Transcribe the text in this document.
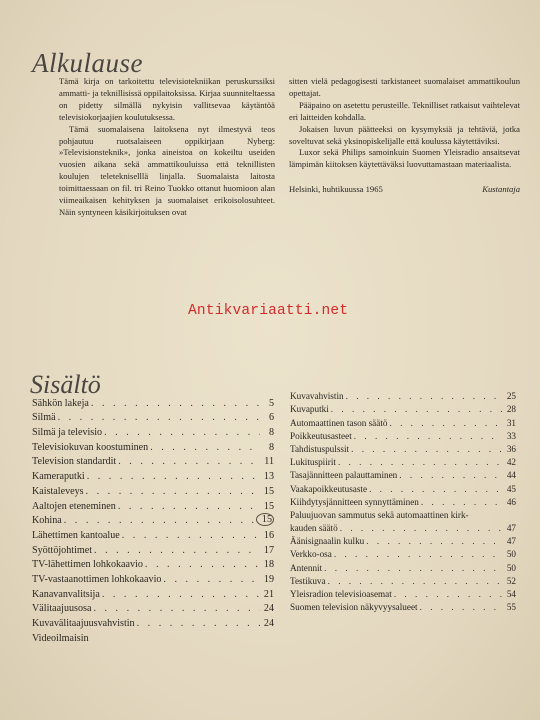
Alkulause

Tämä kirja on tarkoitettu televisiotekniikan peruskurssiksi ammatti- ja teknillisissä oppilaitoksissa. Kirjaa suunniteltaessa on pidetty silmällä nykyisin vallitsevaa käytäntöä televisiokorjaajien koulutuksessa.

Tämä suomalaisena laitoksena nyt ilmestyvä teos pohjautuu ruotsalaiseen oppikirjaan Nyberg: »Televisionsteknik», jonka aineistoa on kokeiltu useiden vuosien aikana sekä ammattikouluissa että teknillisten koulujen teletekniselllä linjalla. Suomalaista laitosta toimittaessaan on fil. tri Reino Tuokko ottanut huomioon alan viimeaikaisen kehityksen ja suomalaiset erikoisolosuhteet. Näin syntyneen käsikirjoituksen ovat

sitten vielä pedagogisesti tarkistaneet suomalaiset ammattikoulun opettajat.

Pääpaino on asetettu perusteille. Teknilliset ratkaisut vaihtelevat eri laitteiden kohdalla.

Jokaisen luvun päätteeksi on kysymyksiä ja tehtäviä, jotka soveltuvat sekä yksinopiskelijalle että koulussa käytettäviksi.

Luxor sekä Philips samoinkuin Suomen Yleisradio ansaitsevat lämpimän kiitoksen käytettäväksi luovuttamastaan materiaalista.

Helsinki, huhtikuussa 1965	Kustantaja
Antikvariaatti.net
Sisältö
Sähkön lakeja . . .	5
Silmä . . .	6
Silmä ja televisio . . .	8
Televisiokuvan koostuminen . . .	8
Television standardit . . .	11
Kameraputki . . .	13
Kaistaleveys . . .	15
Aaltojen eteneminen . . .	15
Kohina . . .	15
Lähettimen kantoalue . . .	16
Syöttöjohtimet . . .	17
TV-lähettimen lohkokaavio . . .	18
TV-vastaanottimen lohkokaavio . . .	19
Kanavanvalitsija . . .	21
Välitaajuusosa . . .	24
Kuvavälitaajuusvahvistin . . .	24
Videoilmaisin
Kuvavahvistin . . .	25
Kuvaputki . . .	28
Automaattinen tason säätö . . .	31
Poikkeutusasteet . . .	33
Tahdistuspulssit . . .	36
Lukituspiirit . . .	42
Tasajännitteen palauttaminen . . .	44
Vaakapoikkeutusaste . . .	45
Kiihdytysjännitteen synnyttäminen . . .	46
Paluujuovan sammutus sekä automaattinen kirk-
kauden säätö . . .	47
Äänisignaalin kulku . . .	47
Verkko-osa . . .	50
Antennit . . .	50
Testikuva . . .	52
Yleisradion televisioasemat . . .	54
Suomen television näkyvyysalueet . . .	55
